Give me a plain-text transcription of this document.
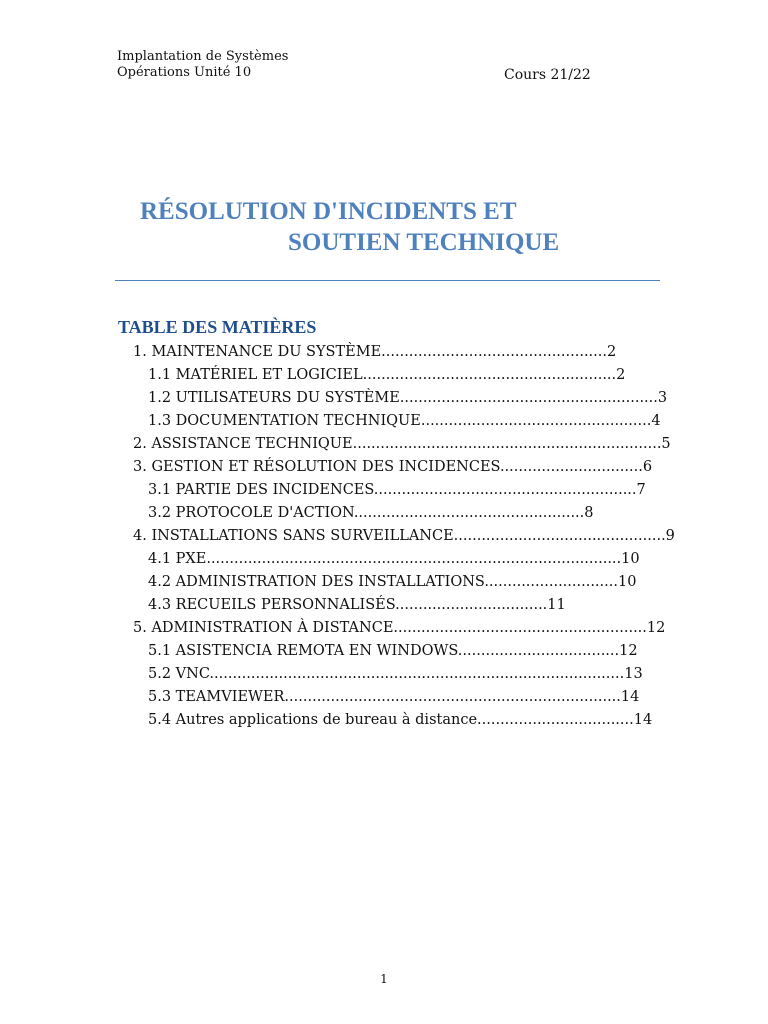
Implantation de Systèmes
Opérations Unité 10	Cours 21/22
RÉSOLUTION D'INCIDENTS ET
SOUTIEN TECHNIQUE
TABLE DES MATIÈRES
1. MAINTENANCE DU SYSTÈME.................................................2
1.1 MATÉRIEL ET LOGICIEL.......................................................2
1.2 UTILISATEURS DU SYSTÈME........................................................3
1.3 DOCUMENTATION TECHNIQUE..................................................4
2. ASSISTANCE TECHNIQUE...................................................................5
3. GESTION ET RÉSOLUTION DES INCIDENCES...............................6
3.1 PARTIE DES INCIDENCES.........................................................7
3.2 PROTOCOLE D'ACTION..................................................8
4. INSTALLATIONS SANS SURVEILLANCE..............................................9
4.1 PXE..........................................................................................10
4.2 ADMINISTRATION DES INSTALLATIONS.............................10
4.3 RECUEILS PERSONNALISÉS.................................11
5. ADMINISTRATION À DISTANCE.......................................................12
5.1 ASISTENCIA REMOTA EN WINDOWS...................................12
5.2 VNC..........................................................................................13
5.3 TEAMVIEWER.........................................................................14
5.4 Autres applications de bureau à distance..................................14
1
